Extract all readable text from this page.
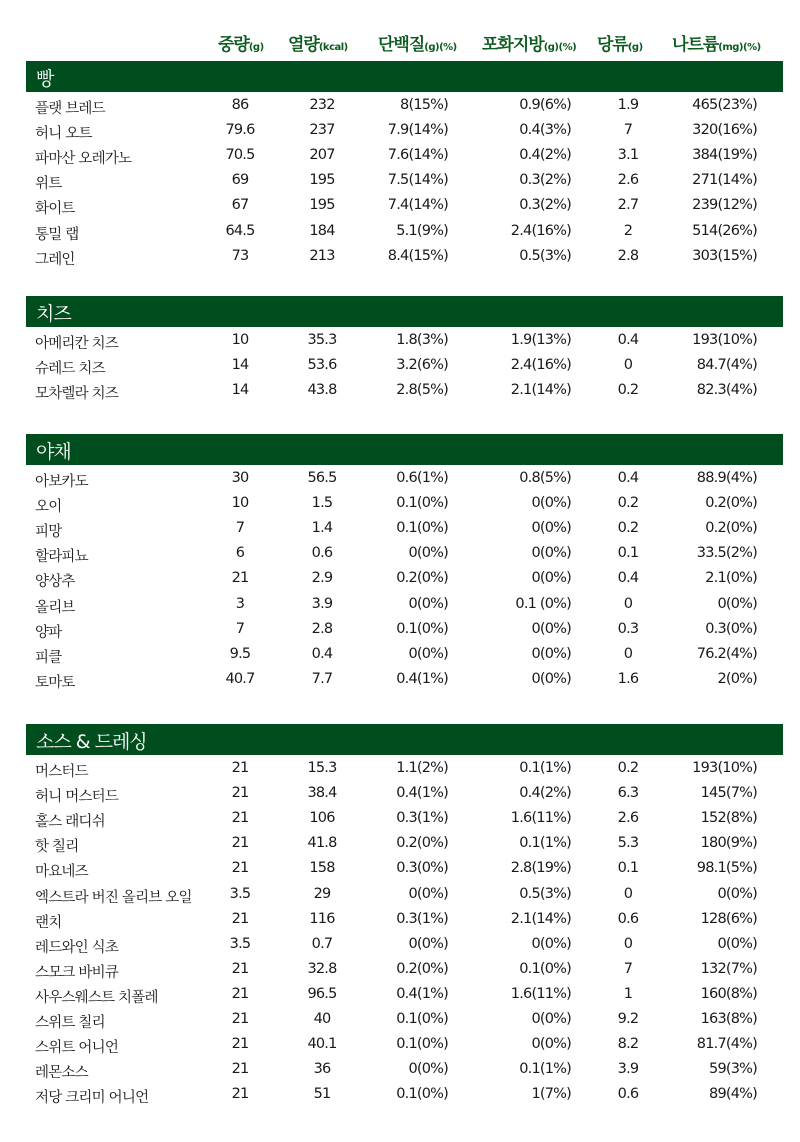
중량(g) 열량(kcal) 단백질(g)(%) 포화지방(g)(%) 당류(g) 나트륨(mg)(%)
빵
플랫 브레드	86	232	8(15%)	0.9(6%)	1.9	465(23%)
허니 오트	79.6	237	7.9(14%)	0.4(3%)	7	320(16%)
파마산 오레가노	70.5	207	7.6(14%)	0.4(2%)	3.1	384(19%)
위트	69	195	7.5(14%)	0.3(2%)	2.6	271(14%)
화이트	67	195	7.4(14%)	0.3(2%)	2.7	239(12%)
통밀 랩	64.5	184	5.1(9%)	2.4(16%)	2	514(26%)
그레인	73	213	8.4(15%)	0.5(3%)	2.8	303(15%)
치즈
아메리칸 치즈	10	35.3	1.8(3%)	1.9(13%)	0.4	193(10%)
슈레드 치즈	14	53.6	3.2(6%)	2.4(16%)	0	84.7(4%)
모차렐라 치즈	14	43.8	2.8(5%)	2.1(14%)	0.2	82.3(4%)
야채
아보카도	30	56.5	0.6(1%)	0.8(5%)	0.4	88.9(4%)
오이	10	1.5	0.1(0%)	0(0%)	0.2	0.2(0%)
피망	7	1.4	0.1(0%)	0(0%)	0.2	0.2(0%)
할라피뇨	6	0.6	0(0%)	0(0%)	0.1	33.5(2%)
양상추	21	2.9	0.2(0%)	0(0%)	0.4	2.1(0%)
올리브	3	3.9	0(0%)	0.1 (0%)	0	0(0%)
양파	7	2.8	0.1(0%)	0(0%)	0.3	0.3(0%)
피클	9.5	0.4	0(0%)	0(0%)	0	76.2(4%)
토마토	40.7	7.7	0.4(1%)	0(0%)	1.6	2(0%)
소스 & 드레싱
머스터드	21	15.3	1.1(2%)	0.1(1%)	0.2	193(10%)
허니 머스터드	21	38.4	0.4(1%)	0.4(2%)	6.3	145(7%)
홀스 래디쉬	21	106	0.3(1%)	1.6(11%)	2.6	152(8%)
핫 칠리	21	41.8	0.2(0%)	0.1(1%)	5.3	180(9%)
마요네즈	21	158	0.3(0%)	2.8(19%)	0.1	98.1(5%)
엑스트라 버진 올리브 오일	3.5	29	0(0%)	0.5(3%)	0	0(0%)
랜치	21	116	0.3(1%)	2.1(14%)	0.6	128(6%)
레드와인 식초	3.5	0.7	0(0%)	0(0%)	0	0(0%)
스모크 바비큐	21	32.8	0.2(0%)	0.1(0%)	7	132(7%)
사우스웨스트 치폴레	21	96.5	0.4(1%)	1.6(11%)	1	160(8%)
스위트 칠리	21	40	0.1(0%)	0(0%)	9.2	163(8%)
스위트 어니언	21	40.1	0.1(0%)	0(0%)	8.2	81.7(4%)
레몬소스	21	36	0(0%)	0.1(1%)	3.9	59(3%)
저당 크리미 어니언	21	51	0.1(0%)	1(7%)	0.6	89(4%)
